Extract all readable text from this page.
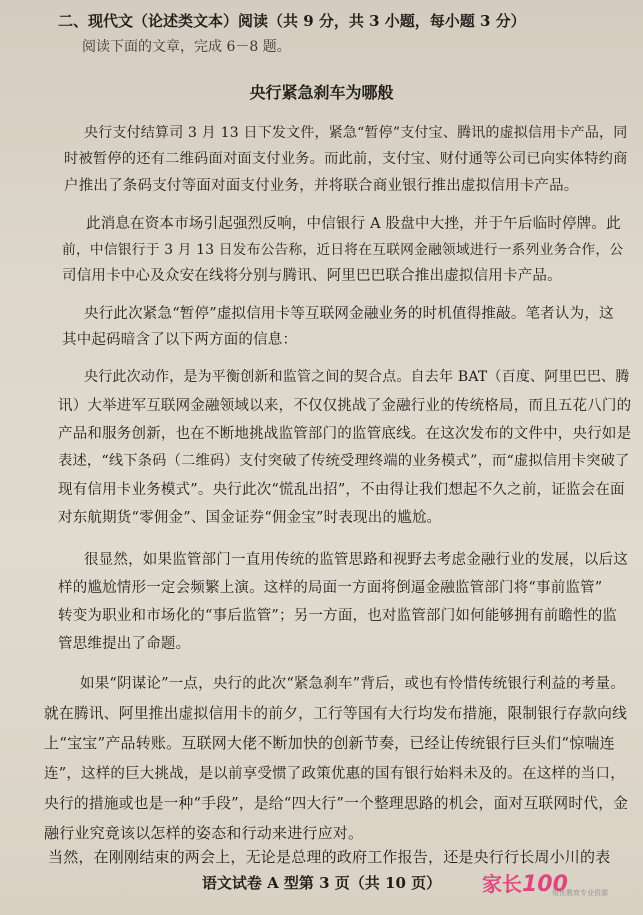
二、现代文（论述类文本）阅读（共 9 分，共 3 小题，每小题 3 分）
阅读下面的文章，完成 6－8 题。
央行紧急刹车为哪般
央行支付结算司 3 月 13 日下发文件，紧急“暂停”支付宝、腾讯的虚拟信用卡产品，同
时被暂停的还有二维码面对面支付业务。而此前，支付宝、财付通等公司已向实体特约商
户推出了条码支付等面对面支付业务，并将联合商业银行推出虚拟信用卡产品。
此消息在资本市场引起强烈反响，中信银行 A 股盘中大挫，并于午后临时停牌。此
前，中信银行于 3 月 13 日发布公告称，近日将在互联网金融领域进行一系列业务合作，公
司信用卡中心及众安在线将分别与腾讯、阿里巴巴联合推出虚拟信用卡产品。
央行此次紧急“暂停”虚拟信用卡等互联网金融业务的时机值得推敲。笔者认为，这
其中起码暗含了以下两方面的信息：
央行此次动作，是为平衡创新和监管之间的契合点。自去年 BAT（百度、阿里巴巴、腾
讯）大举进军互联网金融领域以来，不仅仅挑战了金融行业的传统格局，而且五花八门的
产品和服务创新，也在不断地挑战监管部门的监管底线。在这次发布的文件中，央行如是
表述，“线下条码（二维码）支付突破了传统受理终端的业务模式”，而“虚拟信用卡突破了
现有信用卡业务模式”。央行此次“慌乱出招”，不由得让我们想起不久之前，证监会在面
对东航期货“零佣金”、国金证券“佣金宝”时表现出的尴尬。
很显然，如果监管部门一直用传统的监管思路和视野去考虑金融行业的发展，以后这
样的尴尬情形一定会频繁上演。这样的局面一方面将倒逼金融监管部门将“事前监管”
转变为职业和市场化的“事后监管”；另一方面，也对监管部门如何能够拥有前瞻性的监
管思维提出了命题。
如果“阴谋论”一点，央行的此次“紧急刹车”背后，或也有怜惜传统银行利益的考量。
就在腾讯、阿里推出虚拟信用卡的前夕，工行等国有大行均发布措施，限制银行存款向线
上“宝宝”产品转账。互联网大佬不断加快的创新节奏，已经让传统银行巨头们“惊喘连
连”，这样的巨大挑战，是以前享受惯了政策优惠的国有银行始料未及的。在这样的当口，
央行的措施或也是一种“手段”，是给“四大行”一个整理思路的机会，面对互联网时代，金
融行业究竟该以怎样的姿态和行动来进行应对。
当然，在刚刚结束的两会上，无论是总理的政府工作报告，还是央行行长周小川的表
语文试卷 A 型第 3 页（共 10 页）	家长100
培优教育专业资源
